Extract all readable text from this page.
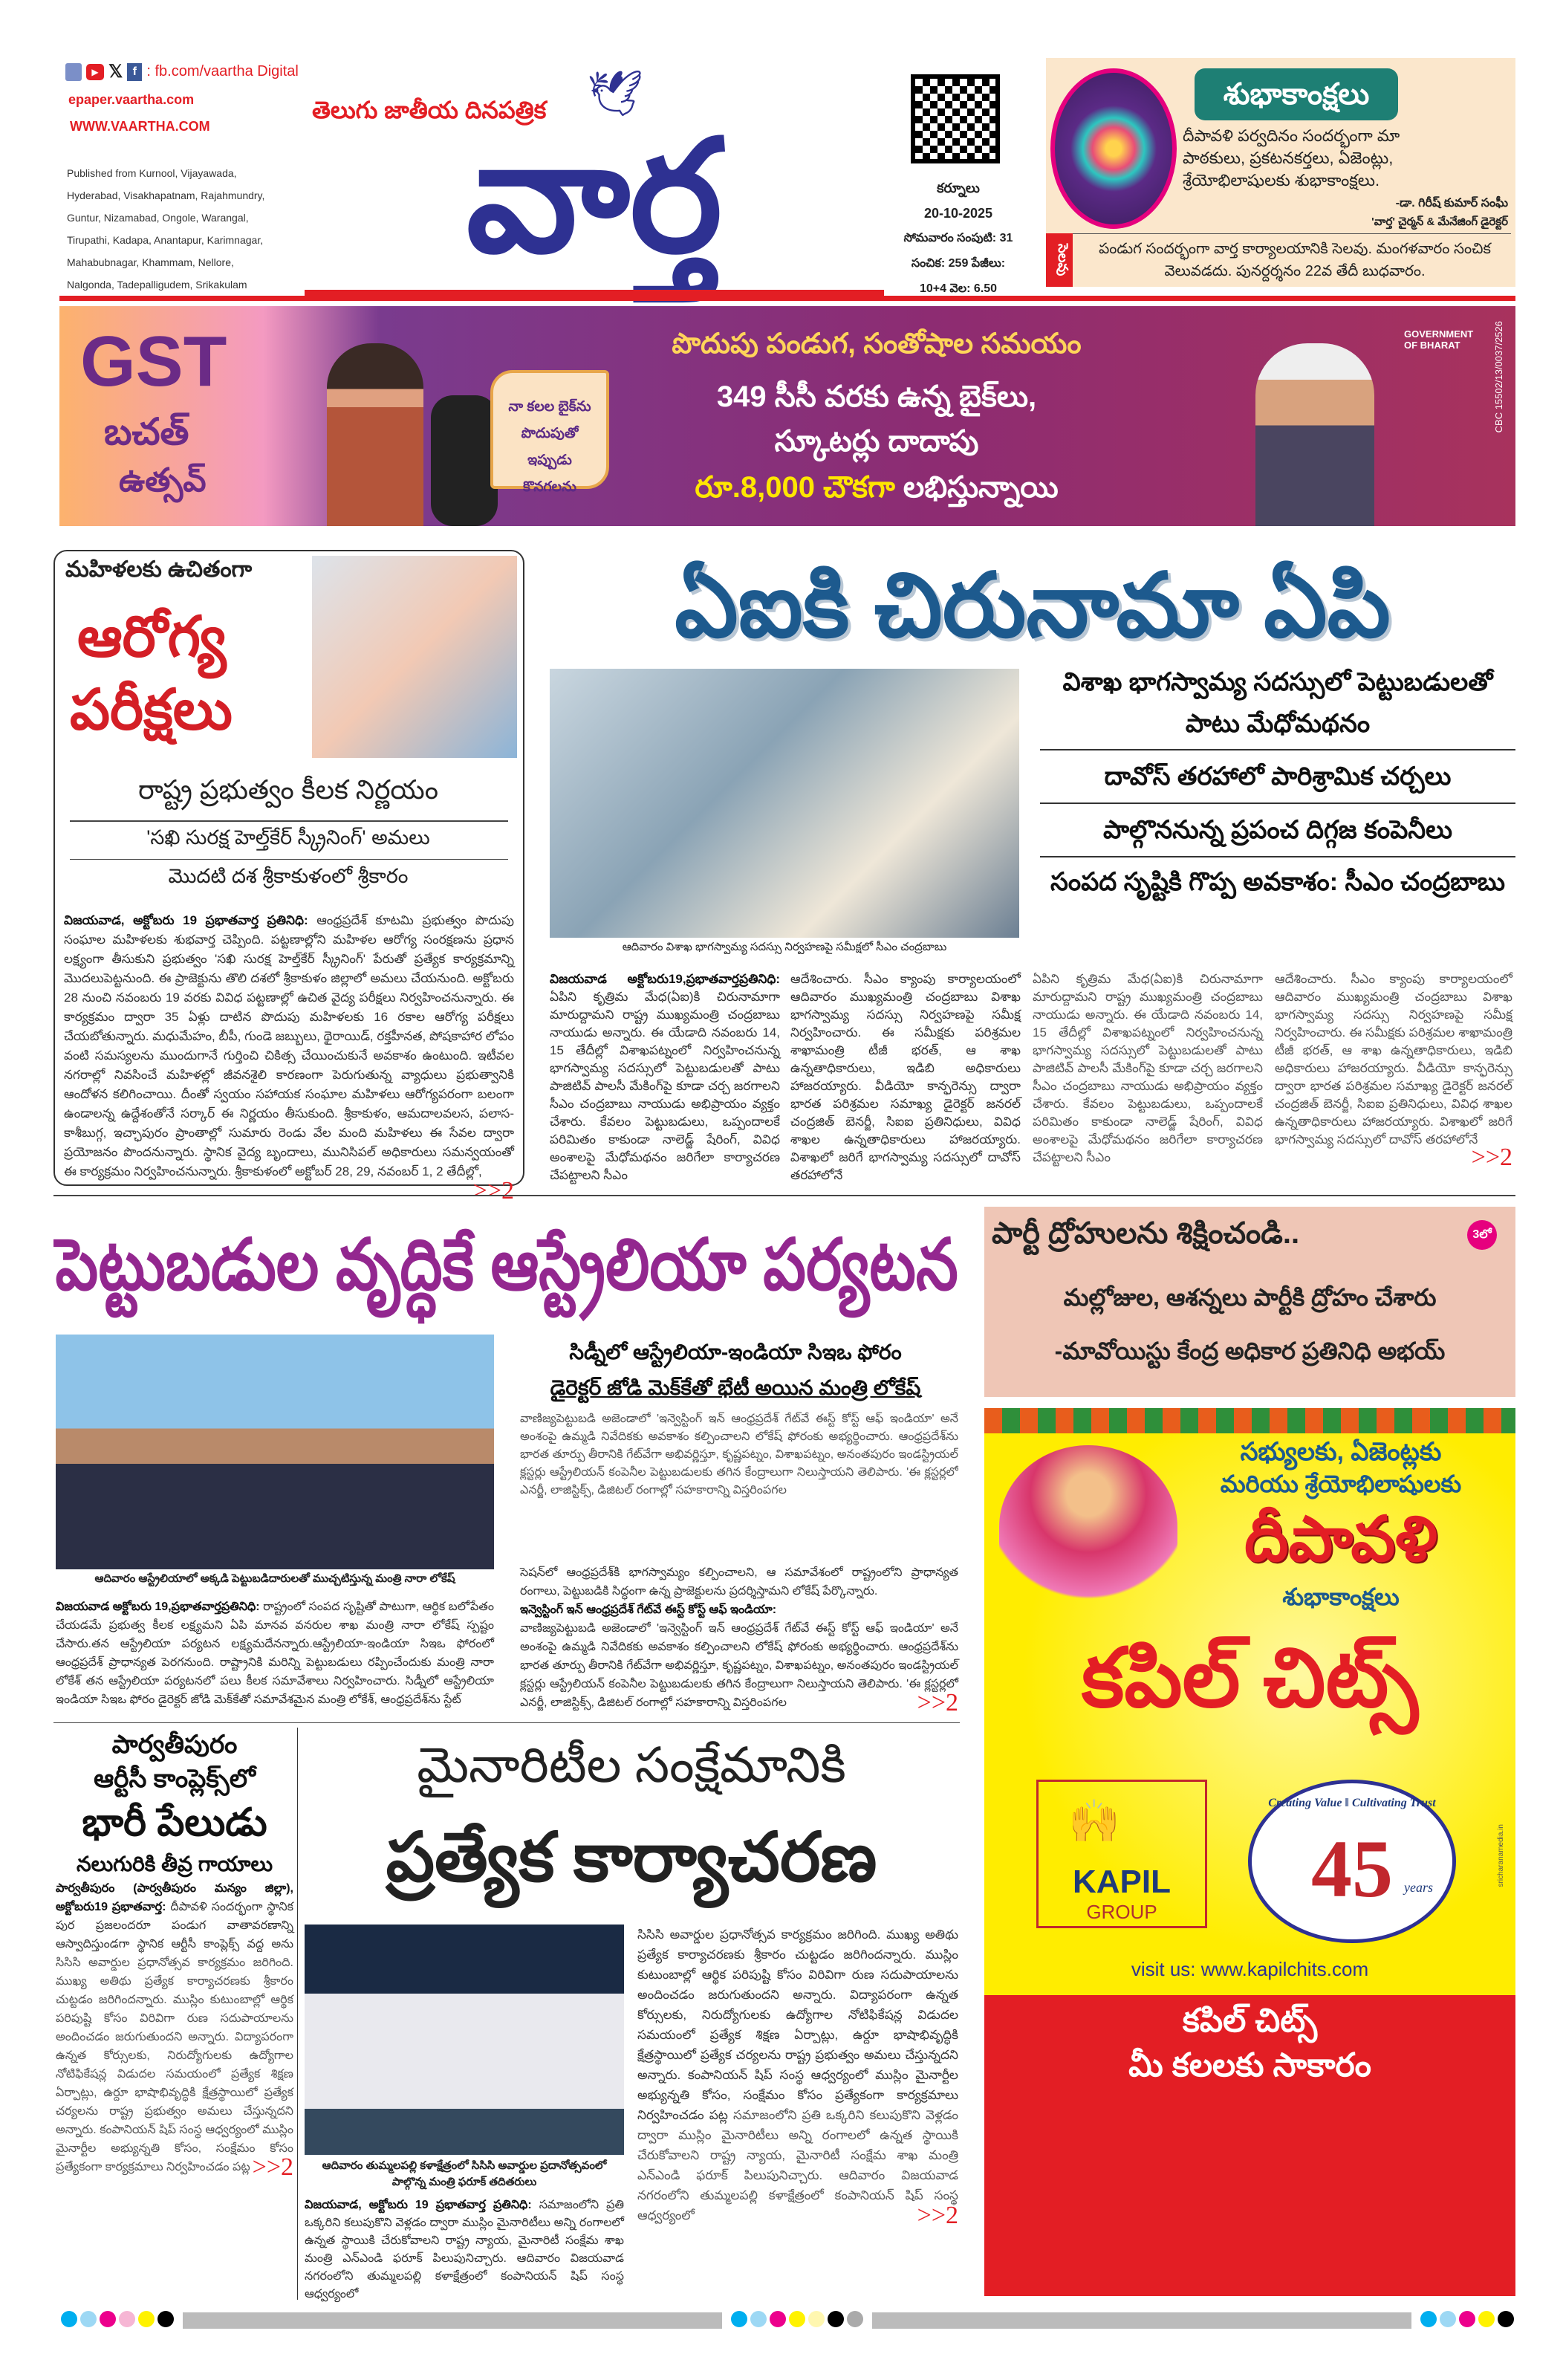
▶ 𝕏 f : fb.com/vaartha Digital
epaper.vaartha.com
WWW.VAARTHA.COM
Published from Kurnool, Vijayawada,
Hyderabad, Visakhapatnam, Rajahmundry,
Guntur, Nizamabad, Ongole, Warangal,
Tirupathi, Kadapa, Anantapur, Karimnagar,
Mahabubnagar, Khammam, Nellore,
Nalgonda, Tadepalligudem, Srikakulam
తెలుగు జాతీయ దినపత్రిక 🕊
వార్త	కర్నూలు
20-10-2025
సోమవారం సంపుటి: 31
సంచిక: 259 పేజీలు:
10+4 వెల: 6.50
శుభాకాంక్షలు
దీపావళి పర్వదినం సందర్భంగా మా పాఠకులు, ప్రకటనకర్తలు, ఏజెంట్లు, శ్రేయోభిలాషులకు శుభాకాంక్షలు.
-డా. గిరీష్ కుమార్ సంఘీ
'వార్త' చైర్మన్ & మేనేజింగ్ డైరెక్టర్
సెలవు	పండుగ సందర్భంగా వార్త కార్యాలయానికి సెలవు. మంగళవారం సంచిక వెలువడదు. పునర్దర్శనం 22వ తేదీ బుధవారం.
GST
బచత్
ఉత్సవ్
నా కలల బైక్‌ను పొదుపుతో ఇప్పుడు కొనగలను
పొదుపు పండుగ, సంతోషాల సమయం
349 సీసీ వరకు ఉన్న బైక్‌లు,
స్కూటర్లు దాదాపు
రూ.8,000 చౌకగా లభిస్తున్నాయి
GOVERNMENT OF BHARAT	CBC 15502/13/0037/2526
మహిళలకు ఉచితంగా
ఆరోగ్య
పరీక్షలు
రాష్ట్ర ప్రభుత్వం కీలక నిర్ణయం
'సఖి సురక్ష హెల్త్‌కేర్ స్క్రీనింగ్' అమలు
మొదటి దశ శ్రీకాకుళంలో శ్రీకారం
విజయవాడ, అక్టోబరు 19 ప్రభాతవార్త ప్రతినిధి: ఆంధ్రప్రదేశ్ కూటమి ప్రభుత్వం పొదుపు సంఘాల మహిళలకు శుభవార్త చెప్పింది. పట్టణాల్లోని మహిళల ఆరోగ్య సంరక్షణను ప్రధాన లక్ష్యంగా తీసుకుని ప్రభుత్వం 'సఖి సురక్ష హెల్త్‌కేర్ స్క్రీనింగ్' పేరుతో ప్రత్యేక కార్యక్రమాన్ని మొదలుపెట్టనుంది. ఈ ప్రాజెక్టును తొలి దశలో శ్రీకాకుళం జిల్లాలో అమలు చేయనుంది. అక్టోబరు 28 నుంచి నవంబరు 19 వరకు వివిధ పట్టణాల్లో ఉచిత వైద్య పరీక్షలు నిర్వహించనున్నారు. ఈ కార్యక్రమం ద్వారా 35 ఏళ్లు దాటిన పొదుపు మహిళలకు 16 రకాల ఆరోగ్య పరీక్షలు చేయబోతున్నారు. మధుమేహం, బీపీ, గుండె జబ్బులు, థైరాయిడ్, రక్తహీనత, పోషకాహార లోపం వంటి సమస్యలను ముందుగానే గుర్తించి చికిత్స చేయించుకునే అవకాశం ఉంటుంది. ఇటీవల నగరాల్లో నివసించే మహిళల్లో జీవనశైలి కారణంగా పెరుగుతున్న వ్యాధులు ప్రభుత్వానికి ఆందోళన కలిగించాయి. దీంతో స్వయం సహాయక సంఘాల మహిళలు ఆరోగ్యపరంగా బలంగా ఉండాలన్న ఉద్దేశంతోనే సర్కార్ ఈ నిర్ణయం తీసుకుంది. శ్రీకాకుళం, ఆమదాలవలస, పలాస-కాశీబుగ్గ, ఇచ్ఛాపురం ప్రాంతాల్లో సుమారు రెండు వేల మంది మహిళలు ఈ సేవల ద్వారా ప్రయోజనం పొందనున్నారు. స్థానిక వైద్య బృందాలు, మునిసిపల్ అధికారులు సమన్వయంతో ఈ కార్యక్రమం నిర్వహించనున్నారు. శ్రీకాకుళంలో అక్టోబర్ 28, 29, నవంబర్ 1, 2 తేదీల్లో,
>>2
ఏఐకి చిరునామా ఏపి
ఆదివారం విశాఖ భాగస్వామ్య సదస్సు నిర్వహణపై సమీక్షలో సీఎం చంద్రబాబు
విశాఖ భాగస్వామ్య సదస్సులో పెట్టుబడులతో పాటు మేధోమథనం
దావోస్ తరహాలో పారిశ్రామిక చర్చలు
పాల్గొననున్న ప్రపంచ దిగ్గజ కంపెనీలు
సంపద సృష్టికి గొప్ప అవకాశం: సీఎం చంద్రబాబు
విజయవాడ అక్టోబరు19,ప్రభాతవార్తప్రతినిధి: ఏపిని కృత్రిమ మేధ(ఏఐ)కి చిరునామాగా మారుద్దామని రాష్ట్ర ముఖ్యమంత్రి చంద్రబాబు నాయుడు అన్నారు. ఈ యేడాది నవంబరు 14, 15 తేదీల్లో విశాఖపట్నంలో నిర్వహించనున్న భాగస్వామ్య సదస్సులో పెట్టుబడులతో పాటు పాజిటివ్ పాలసీ మేకింగ్‌పై కూడా చర్చ జరగాలని సీఎం చంద్రబాబు నాయుడు అభిప్రాయం వ్యక్తం చేశారు. కేవలం పెట్టుబడులు, ఒప్పందాలకే పరిమితం కాకుండా నాలెడ్జ్ షేరింగ్, వివిధ అంశాలపై మేధోమథనం జరిగేలా కార్యాచరణ చేపట్టాలని సీఎం
ఆదేశించారు. సీఎం క్యాంపు కార్యాలయంలో ఆదివారం ముఖ్యమంత్రి చంద్రబాబు విశాఖ భాగస్వామ్య సదస్సు నిర్వహణపై సమీక్ష నిర్వహించారు. ఈ సమీక్షకు పరిశ్రమల శాఖామంత్రి టీజీ భరత్, ఆ శాఖ ఉన్నతాధికారులు, ఇడిబి అధికారులు హాజరయ్యారు. వీడియో కాన్ఫరెన్సు ద్వారా భారత పరిశ్రమల సమాఖ్య డైరెక్టర్ జనరల్ చంద్రజిత్ బెనర్జీ, సిఐఐ ప్రతినిధులు, వివిధ శాఖల ఉన్నతాధికారులు హాజరయ్యారు. విశాఖలో జరిగే భాగస్వామ్య సదస్సులో దావోస్ తరహాలోనే
ఏపిని కృత్రిమ మేధ(ఏఐ)కి చిరునామాగా మారుద్దామని రాష్ట్ర ముఖ్యమంత్రి చంద్రబాబు నాయుడు అన్నారు. ఈ యేడాది నవంబరు 14, 15 తేదీల్లో విశాఖపట్నంలో నిర్వహించనున్న భాగస్వామ్య సదస్సులో పెట్టుబడులతో పాటు పాజిటివ్ పాలసీ మేకింగ్‌పై కూడా చర్చ జరగాలని సీఎం చంద్రబాబు నాయుడు అభిప్రాయం వ్యక్తం చేశారు. కేవలం పెట్టుబడులు, ఒప్పందాలకే పరిమితం కాకుండా నాలెడ్జ్ షేరింగ్, వివిధ అంశాలపై మేధోమథనం జరిగేలా కార్యాచరణ చేపట్టాలని సీఎం
ఆదేశించారు. సీఎం క్యాంపు కార్యాలయంలో ఆదివారం ముఖ్యమంత్రి చంద్రబాబు విశాఖ భాగస్వామ్య సదస్సు నిర్వహణపై సమీక్ష నిర్వహించారు. ఈ సమీక్షకు పరిశ్రమల శాఖామంత్రి టీజీ భరత్, ఆ శాఖ ఉన్నతాధికారులు, ఇడిబి అధికారులు హాజరయ్యారు. వీడియో కాన్ఫరెన్సు ద్వారా భారత పరిశ్రమల సమాఖ్య డైరెక్టర్ జనరల్ చంద్రజిత్ బెనర్జీ, సిఐఐ ప్రతినిధులు, వివిధ శాఖల ఉన్నతాధికారులు హాజరయ్యారు. విశాఖలో జరిగే భాగస్వామ్య సదస్సులో దావోస్ తరహాలోనే
>>2
పెట్టుబడుల వృద్ధికే ఆస్ట్రేలియా పర్యటన
ఆదివారం ఆస్ట్రేలియాలో అక్కడి పెట్టుబడిదారులతో ముచ్చటిస్తున్న మంత్రి నారా లోకేష్
సిడ్నీలో ఆస్ట్రేలియా-ఇండియా సిఇఒ ఫోరం
డైరెక్టర్ జోడి మెక్‌కేతో భేటీ అయిన మంత్రి లోకేష్
వాణిజ్యపెట్టుబడి అజెండాలో 'ఇన్వెస్టింగ్ ఇన్ ఆంధ్రప్రదేశ్ గేట్‌వే ఈస్ట్ కోస్ట్ ఆఫ్ ఇండియా' అనే అంశంపై ఉమ్మడి నివేదికకు అవకాశం కల్పించాలని లోకేష్ ఫోరంకు అభ్యర్థించారు. ఆంధ్రప్రదేశ్‌ను భారత తూర్పు తీరానికి గేట్‌వేగా అభివర్ణిస్తూ, కృష్ణపట్నం, విశాఖపట్నం, అనంతపురం ఇండస్ట్రియల్ క్లస్టర్లు ఆస్ట్రేలియన్ కంపెనీల పెట్టుబడులకు తగిన కేంద్రాలుగా నిలుస్తాయని తెలిపారు. 'ఈ క్లస్టర్లలో ఎనర్జీ, లాజిస్టిక్స్, డిజిటల్ రంగాల్లో సహకారాన్ని విస్తరింపగల
విజయవాడ అక్టోబరు 19,ప్రభాతవార్తప్రతినిధి: రాష్ట్రంలో సంపద సృష్టితో పాటుగా, ఆర్థిక బలోపేతం చేయడమే ప్రభుత్వ కీలక లక్ష్యమని ఏపి మానవ వనరుల శాఖ మంత్రి నారా లోకేష్ స్పష్టం చేసారు.తన ఆస్ట్రేలియా పర్యటన లక్ష్యమదేనన్నారు.ఆస్ట్రేలియా-ఇండియా సిఇఒ ఫోరంలో ఆంధ్రప్రదేశ్ ప్రాధాన్యత పెరగనుంది. రాష్ట్రానికి మరిన్ని పెట్టుబడులు రప్పించేందుకు మంత్రి నారా లోకేశ్ తన ఆస్ట్రేలియా పర్యటనలో పలు కీలక సమావేశాలు నిర్వహించారు. సిడ్నీలో ఆస్ట్రేలియా ఇండియా సిఇఒ ఫోరం డైరెక్టర్ జోడి మెక్‌కేతో సమావేశమైన మంత్రి లోకేశ్, ఆంధ్రప్రదేశ్‌ను స్టేట్
సెషన్‌లో ఆంధ్రప్రదేశ్‌కి భాగస్వామ్యం కల్పించాలని, ఆ సమావేశంలో రాష్ట్రంలోని ప్రాధాన్యత రంగాలు, పెట్టుబడికి సిద్ధంగా ఉన్న ప్రాజెక్టులను ప్రదర్శిస్తామని లోకేష్ పేర్కొన్నారు.
ఇన్వెస్టింగ్ ఇన్ ఆంధ్రప్రదేశ్ గేట్‌వే ఈస్ట్ కోస్ట్ ఆఫ్ ఇండియా:
వాణిజ్యపెట్టుబడి అజెండాలో 'ఇన్వెస్టింగ్ ఇన్ ఆంధ్రప్రదేశ్ గేట్‌వే ఈస్ట్ కోస్ట్ ఆఫ్ ఇండియా' అనే అంశంపై ఉమ్మడి నివేదికకు అవకాశం కల్పించాలని లోకేష్ ఫోరంకు అభ్యర్థించారు. ఆంధ్రప్రదేశ్‌ను భారత తూర్పు తీరానికి గేట్‌వేగా అభివర్ణిస్తూ, కృష్ణపట్నం, విశాఖపట్నం, అనంతపురం ఇండస్ట్రియల్ క్లస్టర్లు ఆస్ట్రేలియన్ కంపెనీల పెట్టుబడులకు తగిన కేంద్రాలుగా నిలుస్తాయని తెలిపారు. 'ఈ క్లస్టర్లలో ఎనర్జీ, లాజిస్టిక్స్, డిజిటల్ రంగాల్లో సహకారాన్ని విస్తరింపగల	>>2
పార్టీ ద్రోహులను శిక్షించండి..	3లో
మల్లోజుల, ఆశన్నలు పార్టీకి ద్రోహం చేశారు
-మావోయిస్టు కేంద్ర అధికార ప్రతినిధి అభయ్
సభ్యులకు, ఏజెంట్లకు
మరియు శ్రేయోభిలాషులకు
దీపావళి
శుభాకాంక్షలు
కపిల్ చిట్స్
🙌
KAPIL
GROUP
Creating Value ‖ Cultivating Trust
45 years
sricharanamedia.in
visit us: www.kapilchits.com
కపిల్ చిట్స్
మీ కలలకు సాకారం
పార్వతీపురం
ఆర్టీసీ కాంప్లెక్స్‌లో
భారీ పేలుడు
నలుగురికి తీవ్ర గాయాలు
పార్వతీపురం (పార్వతీపురం మన్యం జిల్లా), అక్టోబరు19 ప్రభాతవార్త: దీపావళి సందర్భంగా స్థానిక పుర ప్రజలందరూ పండుగ వాతావరణాన్ని ఆస్వాదిస్తుండగా స్థానిక ఆర్టీసీ కాంప్లెక్స్ వద్ద అను సిసిసి అవార్డుల ప్రధానోత్సవ కార్యక్రమం జరిగింది. ముఖ్య అతిథు ప్రత్యేక కార్యాచరణకు శ్రీకారం చుట్టడం జరిగిందన్నారు. ముస్లిం కుటుంబాల్లో ఆర్థిక పరిపుష్టి కోసం విరివిగా రుణ సదుపాయాలను అందించడం జరుగుతుందని అన్నారు. విద్యాపరంగా ఉన్నత కోర్సులకు, నిరుద్యోగులకు ఉద్యోగాల నోటిఫికేషన్ల విడుదల సమయంలో ప్రత్యేక శిక్షణ ఏర్పాట్లు, ఉర్దూ భాషాభివృద్ధికి క్షేత్రస్థాయిలో ప్రత్యేక చర్యలను రాష్ట్ర ప్రభుత్వం అమలు చేస్తున్నదని అన్నారు. కంపానియన్ షిప్ సంస్థ ఆధ్వర్యంలో ముస్లిం మైనార్టీల అభ్యున్నతి కోసం, సంక్షేమం కోసం ప్రత్యేకంగా కార్యక్రమాలు నిర్వహించడం పట్ల >>2
మైనారిటీల సంక్షేమానికి
ప్రత్యేక కార్యాచరణ
ఆదివారం తుమ్మలపల్లి కళాక్షేత్రంలో సిసిసి అవార్డుల ప్రదానోత్సవంలో పాల్గొన్న మంత్రి ఫరూక్ తదితరులు
విజయవాడ, అక్టోబరు 19 ప్రభాతవార్త ప్రతినిధి: సమాజంలోని ప్రతి ఒక్కరిని కలుపుకొని వెళ్లడం ద్వారా ముస్లిం మైనారిటీలు అన్ని రంగాలలో ఉన్నత స్థాయికి చేరుకోవాలని రాష్ట్ర న్యాయ, మైనారిటీ సంక్షేమ శాఖ మంత్రి ఎన్ఎండి ఫరూక్ పిలుపునిచ్చారు. ఆదివారం విజయవాడ నగరంలోని తుమ్మలపల్లి కళాక్షేత్రంలో కంపానియన్ షిప్ సంస్థ ఆధ్వర్యంలో
సిసిసి అవార్డుల ప్రధానోత్సవ కార్యక్రమం జరిగింది. ముఖ్య అతిథు ప్రత్యేక కార్యాచరణకు శ్రీకారం చుట్టడం జరిగిందన్నారు. ముస్లిం కుటుంబాల్లో ఆర్థిక పరిపుష్టి కోసం విరివిగా రుణ సదుపాయాలను అందించడం జరుగుతుందని అన్నారు. విద్యాపరంగా ఉన్నత కోర్సులకు, నిరుద్యోగులకు ఉద్యోగాల నోటిఫికేషన్ల విడుదల సమయంలో ప్రత్యేక శిక్షణ ఏర్పాట్లు, ఉర్దూ భాషాభివృద్ధికి క్షేత్రస్థాయిలో ప్రత్యేక చర్యలను రాష్ట్ర ప్రభుత్వం అమలు చేస్తున్నదని అన్నారు. కంపానియన్ షిప్ సంస్థ ఆధ్వర్యంలో ముస్లిం మైనార్టీల అభ్యున్నతి కోసం, సంక్షేమం కోసం ప్రత్యేకంగా కార్యక్రమాలు నిర్వహించడం పట్ల సమాజంలోని ప్రతి ఒక్కరిని కలుపుకొని వెళ్లడం ద్వారా ముస్లిం మైనారిటీలు అన్ని రంగాలలో ఉన్నత స్థాయికి చేరుకోవాలని రాష్ట్ర న్యాయ, మైనారిటీ సంక్షేమ శాఖ మంత్రి ఎన్ఎండి ఫరూక్ పిలుపునిచ్చారు. ఆదివారం విజయవాడ నగరంలోని తుమ్మలపల్లి కళాక్షేత్రంలో కంపానియన్ షిప్ సంస్థ ఆధ్వర్యంలో	>>2
